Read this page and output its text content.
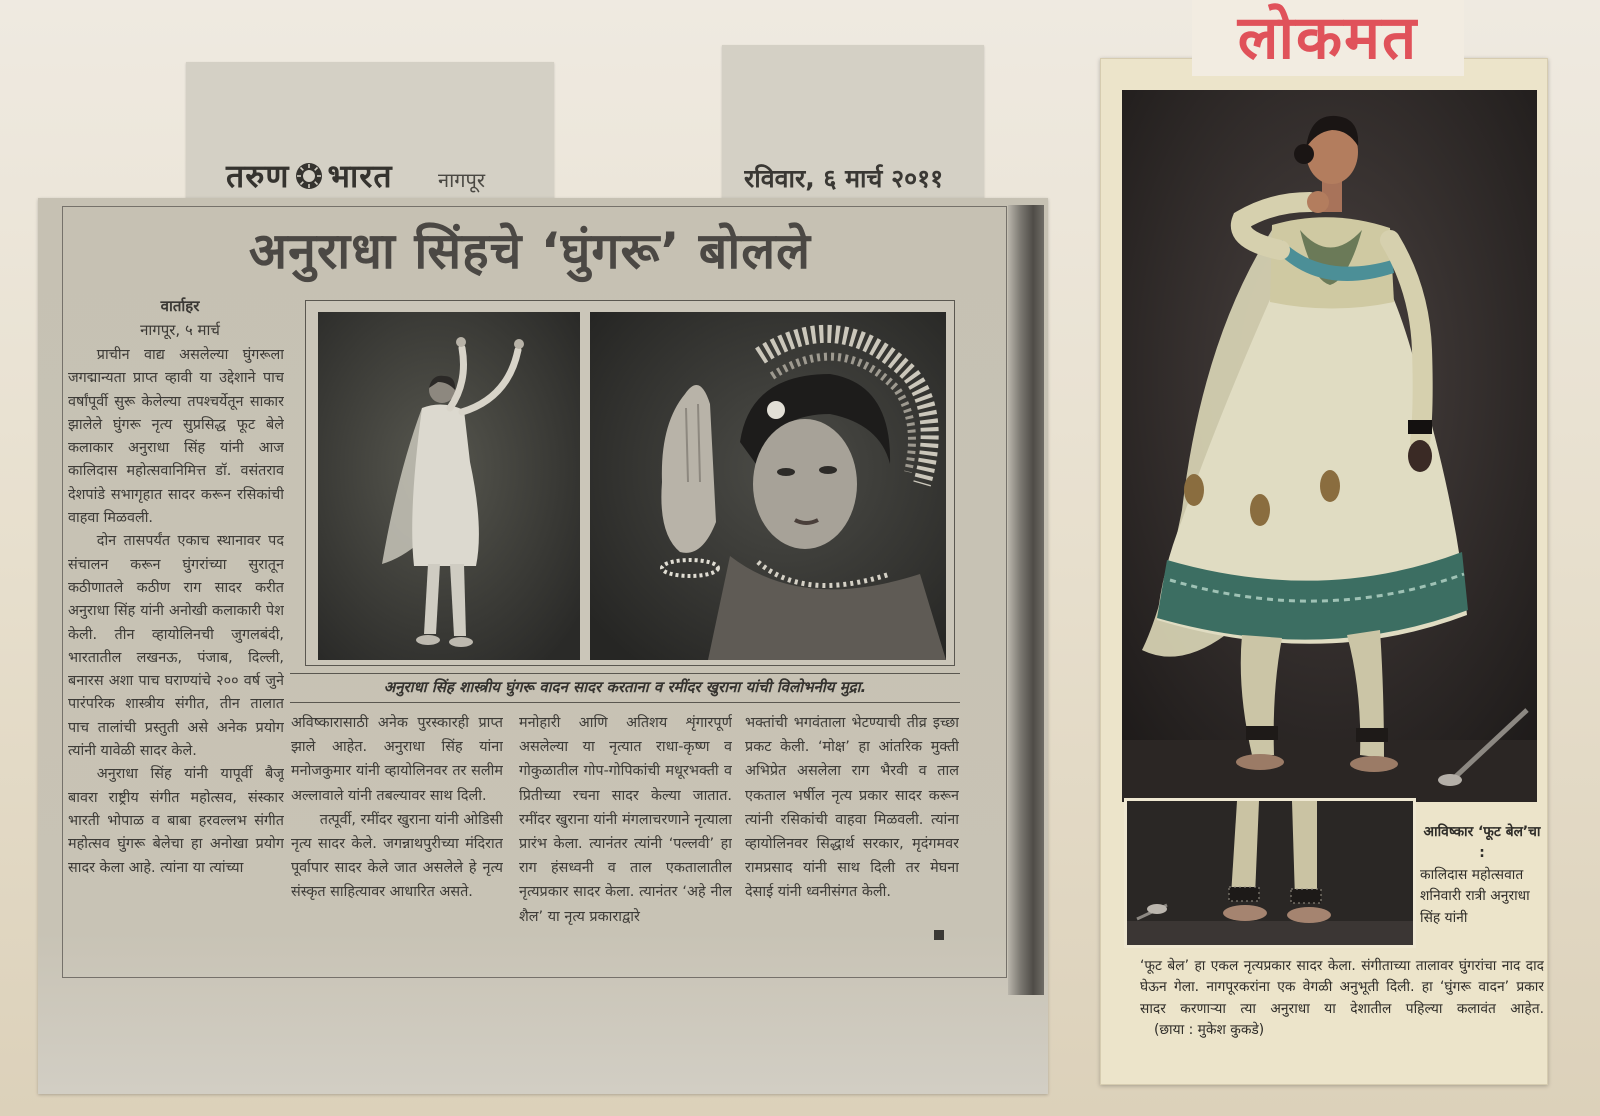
तरुण भारत नागपूर	रविवार, ६ मार्च २०११
अनुराधा सिंहचे ‘घुंगरू’ बोलले
वार्ताहर
नागपूर, ५ मार्च

प्राचीन वाद्य असलेल्या घुंगरूला जगद्मान्यता प्राप्त व्हावी या उद्देशाने पाच वर्षांपूर्वी सुरू केलेल्या तपश्चर्येतून साकार झालेले घुंगरू नृत्य सुप्रसिद्ध फूट बेले कलाकार अनुराधा सिंह यांनी आज कालिदास महोत्सवानिमित्त डॉ. वसंतराव देशपांडे सभागृहात सादर करून रसिकांची वाहवा मिळवली.

दोन तासपर्यंत एकाच स्थानावर पद संचालन करून घुंगरांच्या सुरातून कठीणातले कठीण राग सादर करीत अनुराधा सिंह यांनी अनोखी कलाकारी पेश केली. तीन व्हायोलिनची जुगलबंदी, भारतातील लखनऊ, पंजाब, दिल्ली, बनारस अशा पाच घराण्यांचे २०० वर्ष जुने पारंपरिक शास्त्रीय संगीत, तीन तालात पाच तालांची प्रस्तुती असे अनेक प्रयोग त्यांनी यावेळी सादर केले.

अनुराधा सिंह यांनी यापूर्वी बैजू बावरा राष्ट्रीय संगीत महोत्सव, संस्कार भारती भोपाळ व बाबा हरवल्लभ संगीत महोत्सव घुंगरू बेलेचा हा अनोखा प्रयोग सादर केला आहे. त्यांना या त्यांच्या

अनुराधा सिंह शास्त्रीय घुंगरू वादन सादर करताना व रमींदर खुराना यांची विलोभनीय मुद्रा.

अविष्कारासाठी अनेक पुरस्कारही प्राप्त झाले आहेत. अनुराधा सिंह यांना मनोजकुमार यांनी व्हायोलिनवर तर सलीम अल्लावाले यांनी तबल्यावर साथ दिली.

तत्पूर्वी, रमींदर खुराना यांनी ओडिसी नृत्य सादर केले. जगन्नाथपुरीच्या मंदिरात पूर्वापार सादर केले जात असलेले हे नृत्य संस्कृत साहित्यावर आधारित असते.

मनोहारी आणि अतिशय शृंगारपूर्ण असलेल्या या नृत्यात राधा-कृष्ण व गोकुळातील गोप-गोपिकांची मधूरभक्ती व प्रितीच्या रचना सादर केल्या जातात. रमींदर खुराना यांनी मंगलाचरणाने नृत्याला प्रारंभ केला. त्यानंतर त्यांनी ‘पल्लवी’ हा राग हंसध्वनी व ताल एकतालातील नृत्यप्रकार सादर केला. त्यानंतर ‘अहे नील शैल’ या नृत्य प्रकाराद्वारे

भक्तांची भगवंताला भेटण्याची तीव्र इच्छा प्रकट केली. ‘मोक्ष’ हा आंतरिक मुक्ती अभिप्रेत असलेला राग भैरवी व ताल एकताल भर्षील नृत्य प्रकार सादर करून त्यांनी रसिकांची वाहवा मिळवली. त्यांना व्हायोलिनवर सिद्धार्थ सरकार, मृदंगमवर रामप्रसाद यांनी साथ दिली तर मेघना देसाई यांनी ध्वनीसंगत केली.

लोकमत
आविष्कार ‘फूट बेल’चा :
कालिदास महोत्सवात शनिवारी रात्री अनुराधा सिंह यांनी
‘फूट बेल’ हा एकल नृत्यप्रकार सादर केला. संगीताच्या तालावर घुंगरांचा नाद दाद घेऊन गेला. नागपूरकरांना एक वेगळी अनुभूती दिली. हा ‘घुंगरू वादन’ प्रकार सादर करणाऱ्या त्या अनुराधा या देशातील पहिल्या कलावंत आहेत. (छाया : मुकेश कुकडे)
